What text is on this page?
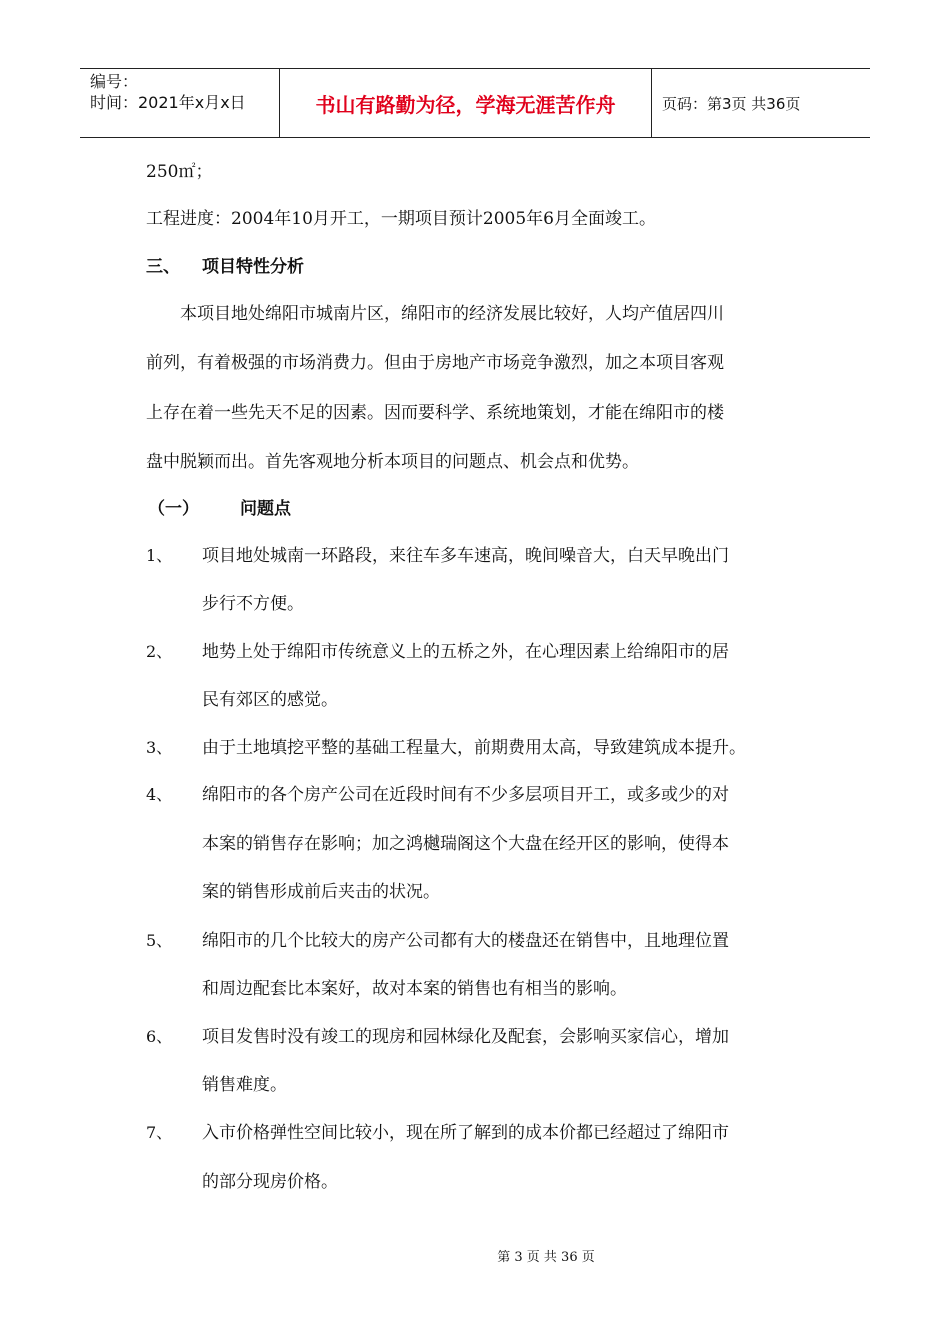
编号：
时间：2021年x月x日	书山有路勤为径，学海无涯苦作舟	页码：第3页 共36页
250㎡；
工程进度：2004年10月开工，一期项目预计2005年6月全面竣工。
三、 项目特性分析
本项目地处绵阳市城南片区，绵阳市的经济发展比较好，人均产值居四川
前列，有着极强的市场消费力。但由于房地产市场竞争激烈，加之本项目客观
上存在着一些先天不足的因素。因而要科学、系统地策划，才能在绵阳市的楼
盘中脱颖而出。首先客观地分析本项目的问题点、机会点和优势。
（一） 问题点
1、 项目地处城南一环路段，来往车多车速高，晚间噪音大，白天早晚出门
步行不方便。
2、 地势上处于绵阳市传统意义上的五桥之外，在心理因素上给绵阳市的居
民有郊区的感觉。
3、 由于土地填挖平整的基础工程量大，前期费用太高，导致建筑成本提升。
4、 绵阳市的各个房产公司在近段时间有不少多层项目开工，或多或少的对
本案的销售存在影响；加之鸿樾瑞阁这个大盘在经开区的影响，使得本
案的销售形成前后夹击的状况。
5、 绵阳市的几个比较大的房产公司都有大的楼盘还在销售中，且地理位置
和周边配套比本案好，故对本案的销售也有相当的影响。
6、 项目发售时没有竣工的现房和园林绿化及配套，会影响买家信心，增加
销售难度。
7、 入市价格弹性空间比较小，现在所了解到的成本价都已经超过了绵阳市
的部分现房价格。
第 3 页 共 36 页
